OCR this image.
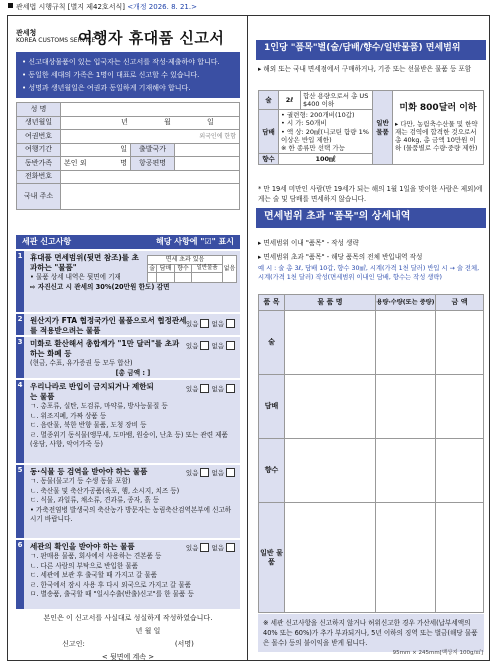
관세법 시행규칙 [별지 제42호서식] <개정 2026. 8. 21.>
관세청
KOREA CUSTOMS SERVICE
여행자 휴대품 신고서
• 신고대상물품이 있는 입국자는 신고서를 작성·제출하야 합니다.
• 동일한 세대의 가족은 1명이 대표로 신고할 수 있습니다.
• 성명과 생년월일은 여권과 동일하게 기재해야 합니다.
성 명			
생년월일	년 월 일		
여권번호	외국인에 한함		
여행기간	일	출발국가	
동반가족	본인 외 명	항공편명	
전화번호			
국내 주소			
세관 신고사항	해당 사항에 "☑" 표시
1 휴대품 면세범위(뒷면 참조)를 초과하는 "물품"
• 물품 상세 내역은 뒷면에 기재
⇨ 자진신고 시 관세의 30%(20만원 한도) 감면
면세 초과 있음				없음
술	담배	향수	일반물품	

2 원산지가 FTA 협정국가인 물품으로서 협정관세를 적용받으려는 물품
있음 없음
3 미화로 환산해서 총합계가 "1만 달러"를 초과하는 화폐 등
(현금, 수표, 유가증권 등 모두 합산)
[총 금액 : ]
있음 없음
4 우리나라로 반입이 금지되거나 제한되는 물품
ㄱ. 총포류, 실탄, 도검류, 마약류, 방사능물질 등
ㄴ. 위조지폐, 가짜 상품 등
ㄷ. 음란물, 북한 반향 물품, 도청 장비 등
ㄹ. 멸종위기 동식물(앵무새, 도마뱀, 원숭이, 난초 등) 또는 관련 제품(웅담, 사향, 악어가죽 등)
있음 없음
5 동·식물 등 검역을 받아야 하는 물품
ㄱ. 동물(물고기 등 수생 동물 포함)
ㄴ. 축산물 및 축산가공품(육포, 햄, 소시지, 치즈 등)
ㄷ. 식물, 과일류, 채소류, 견과류, 종자, 흙 등
• 가축전염병 발생국의 축산농가 방문자는 농림축산검역본부에 신고하시기 바랍니다.
있음 없음
6 세관의 확인을 받아야 하는 물품
ㄱ. 판매용 물품, 회사에서 사용하는 견본품 등
ㄴ. 다른 사람의 부탁으로 반입한 물품
ㄷ. 세관에 보관 후 출국할 때 가지고 갈 물품
ㄹ. 한국에서 잠시 사용 후 다시 외국으로 가지고 갈 물품
ㅁ. 별송품, 출국할 때 "일시수출(반출)신고"를 한 물품 등
있음 없음
본인은 이 신고서를 사실대로 성실하게 작성하였습니다.
년 월 일
신고인:	(서명)
< 뒷면에 계속 >
1인당 "품목"별(술/담배/향수/일반물품) 면세범위
▸ 해외 또는 국내 면세점에서 구매하거나, 기증 또는 선물받은 물품 등 포함
술	2ℓ	합산 용량으로서 총 US $400 이하	일반 물품	미화 800달러 이하
▸ 다만, 농림축수산물 및 한약재는 검역에 합격한 것으로서 총 40kg, 총 금액 10만원 이하 (물품별로 수량·중량 제한)

담배	• 궐련형: 200개비(10갑)
• 시 가: 50개비
• 액 상: 20㎖(니코틴 함량 1% 이상은 반입 제한)
※ 한 종류만 선택 가능			

향수	100㎖			
* 만 19세 미만인 사람(만 19세가 되는 해의 1월 1일을 맞이한 사람은 제외)에게는 술 및 담배를 면세하지 않습니다.
면세범위 초과 "품목"의 상세내역
▸ 면세범위 이내 "품목" - 작성 생략
▸ 면세범위 초과 "품목" - 해당 품목의 전체 반입내역 작성
예 시 : 술 총 3ℓ, 담배 10갑, 향수 30㎖, 시계(가격 1천 달러) 반입 시 → 술 전체, 시계(가격 1천 달러) 작성(면세범위 이내인 담배, 향수는 작성 생략)
품 목	물 품 명	용량·수량(또는 중량)	금 액
술			
담배			
향수			
일반 물품			
※ 세관 신고사항을 신고하지 않거나 허위신고한 경우 가산세(납부세액의 40% 또는 60%)가 추가 부과되거나, 5년 이하의 징역 또는 벌금(해당 물품은 몰수) 등의 불이익을 받게 됩니다.
95mm × 245mm[백상지 100g/㎡]
